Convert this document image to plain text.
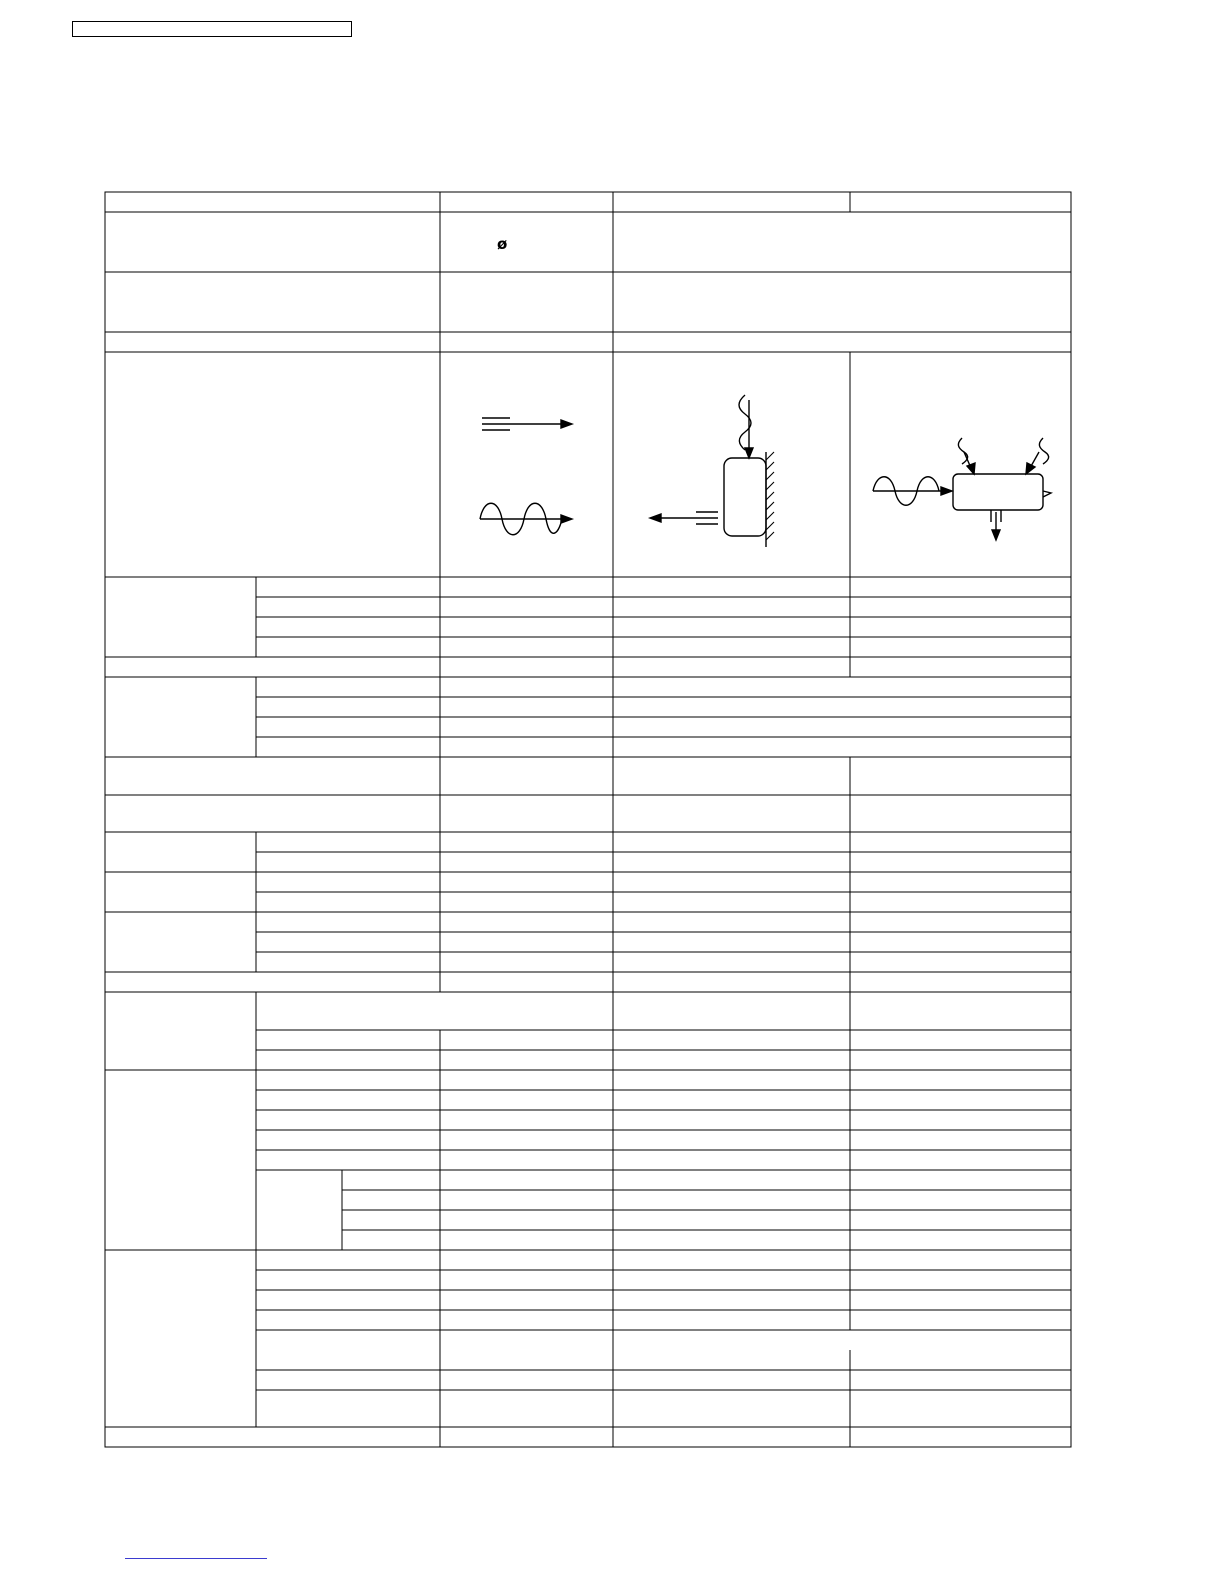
ø
